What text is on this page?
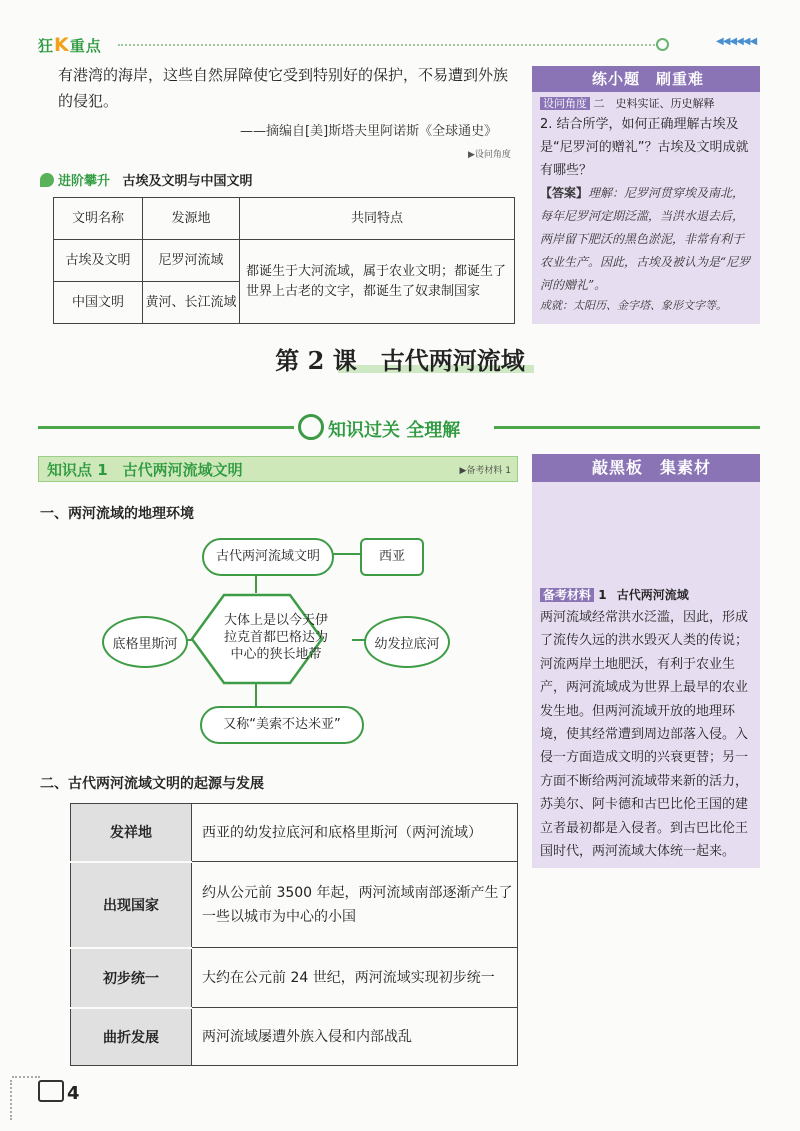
狂K重点	◀◀◀◀◀◀
有港湾的海岸，这些自然屏障使它受到特别好的保护，不易遭到外族
的侵犯。
——摘编自[美]斯塔夫里阿诺斯《全球通史》
▶设问角度
进阶攀升 古埃及文明与中国文明
文明名称	发源地	共同特点
古埃及文明	尼罗河流域	都诞生于大河流域，属于农业文明；都诞生了世界上古老的文字，都诞生了奴隶制国家
中国文明	黄河、长江流域	
练小题　 刷重难
设问角度 二　史料实证、历史解释
2. 结合所学，如何正确理解古埃及是“尼罗河的赠礼”？古埃及文明成就有哪些？
【答案】理解：尼罗河贯穿埃及南北，每年尼罗河定期泛滥，当洪水退去后，两岸留下肥沃的黑色淤泥，非常有利于农业生产。因此，古埃及被认为是“尼罗河的赠礼”。
成就：太阳历、金字塔、象形文字等。
第 2 课　古代两河流域
知识过关 全理解
知识点 1　古代两河流域文明	▶备考材料 1
一、两河流域的地理环境
古代两河流域文明	西亚
底格里斯河	幼发拉底河
大体上是以今天伊拉克首都巴格达为中心的狭长地带
又称“美索不达米亚”
二、古代两河流域文明的起源与发展
发祥地	西亚的幼发拉底河和底格里斯河（两河流域）
出现国家	约从公元前 3500 年起，两河流域南部逐渐产生了一些以城市为中心的小国
初步统一	大约在公元前 24 世纪，两河流域实现初步统一
曲折发展	两河流域屡遭外族入侵和内部战乱
敲黑板　 集素材
备考材料 1 古代两河流域
两河流域经常洪水泛滥，因此，形成了流传久远的洪水毁灭人类的传说；河流两岸土地肥沃，有利于农业生产，两河流域成为世界上最早的农业发生地。但两河流域开放的地理环境，使其经常遭到周边部落入侵。入侵一方面造成文明的兴衰更替；另一方面不断给两河流域带来新的活力，苏美尔、阿卡德和古巴比伦王国的建立者最初都是入侵者。到古巴比伦王国时代，两河流域大体统一起来。
4
